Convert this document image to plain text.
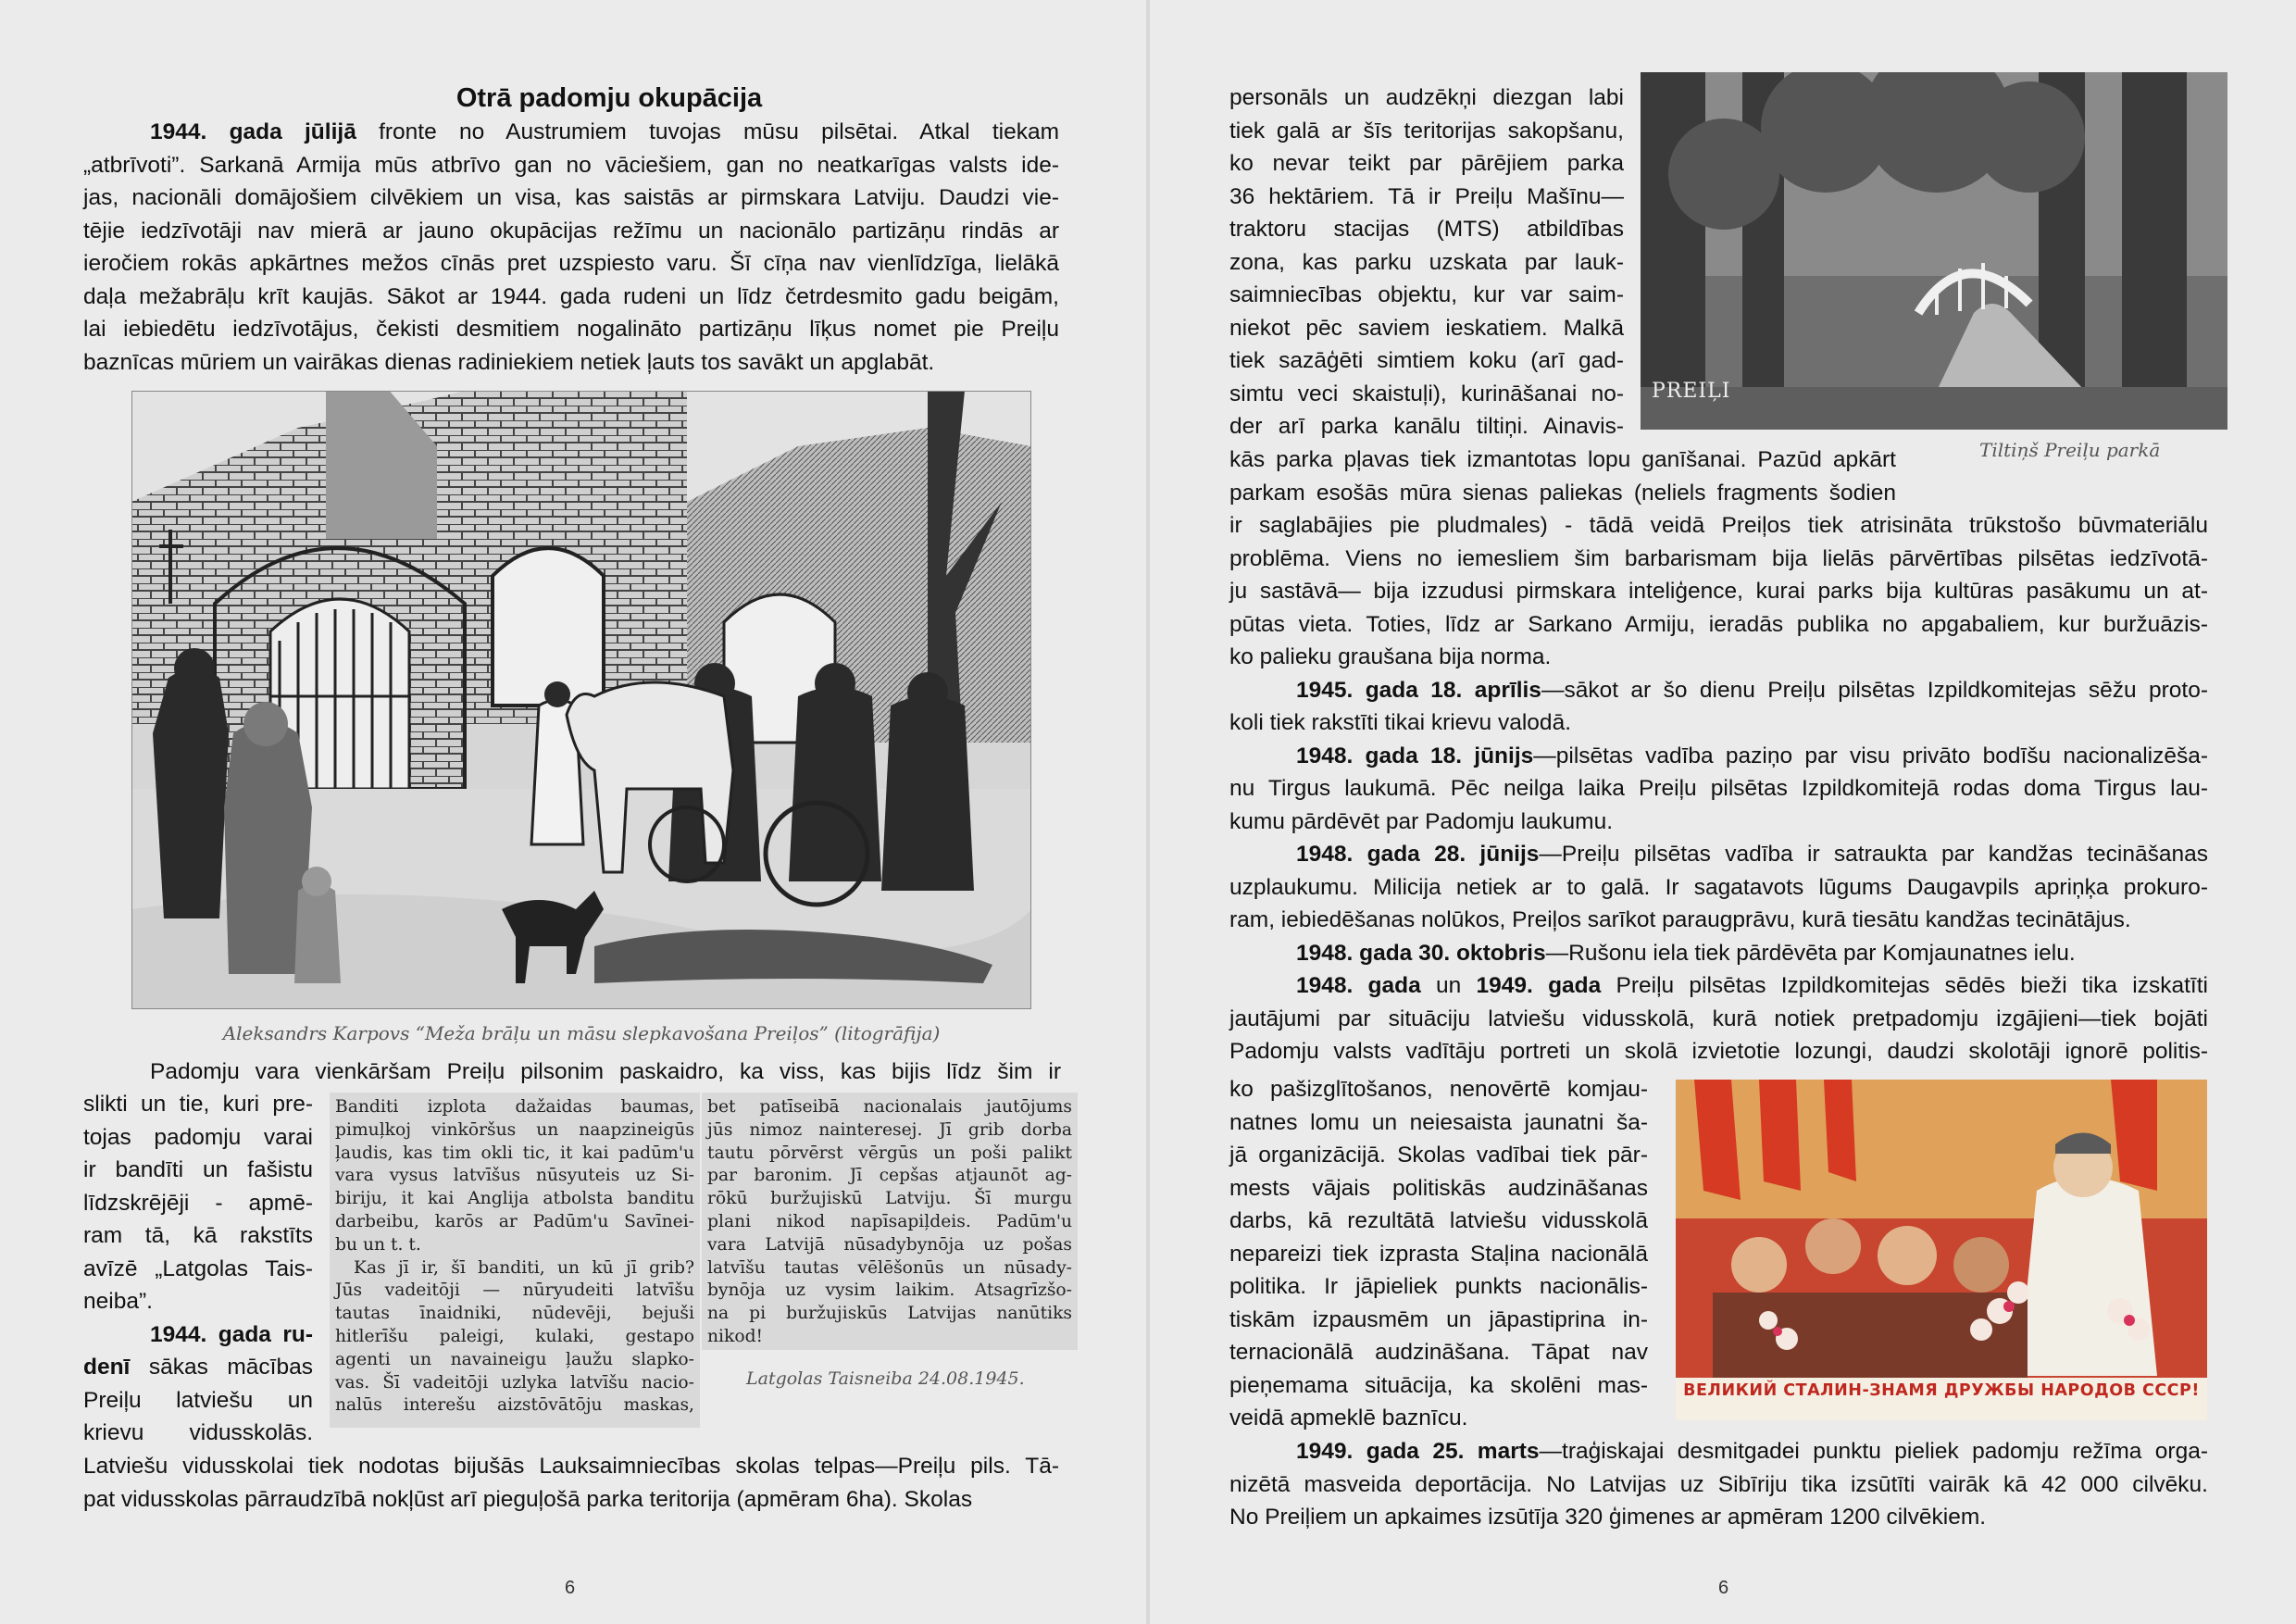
Otrā padomju okupācija

1944. gada jūlijā fronte no Austrumiem tuvojas mūsu pilsētai. Atkal tiekam

„atbrīvoti”. Sarkanā Armija mūs atbrīvo gan no vāciešiem, gan no neatkarīgas valsts ide-

jas, nacionāli domājošiem cilvēkiem un visa, kas saistās ar pirmskara Latviju. Daudzi vie-

tējie iedzīvotāji nav mierā ar jauno okupācijas režīmu un nacionālo partizāņu rindās ar

ieročiem rokās apkārtnes mežos cīnās pret uzspiesto varu. Šī cīņa nav vienlīdzīga, lielākā

daļa mežabrāļu krīt kaujās. Sākot ar 1944. gada rudeni un līdz četrdesmito gadu beigām,

lai iebiedētu iedzīvotājus, čekisti desmitiem nogalināto partizāņu līķus nomet pie Preiļu

baznīcas mūriem un vairākas dienas radiniekiem netiek ļauts tos savākt un apglabāt.

Aleksandrs Karpovs “Meža brāļu un māsu slepkavošana Preiļos” (litogrāfija)

Padomju vara vienkāršam Preiļu pilsonim paskaidro, ka viss, kas bijis līdz šim ir

slikti un tie, kuri pre-

tojas padomju varai

ir bandīti un fašistu

līdzskrējēji - apmē-

ram tā, kā rakstīts

avīzē „Latgolas Tais-

neiba”.

1944. gada ru-

denī sākas mācības

Preiļu latviešu un

krievu vidusskolās.

Banditi izplota dažaidas baumas,

pimuļkoj vinkōršus un naapzinei̇gūs

ļaudis, kas tim okli tic, it kai padūm'u

vara vysus latvīšus nūsyuteis uz Si-

biriju, it kai Anglija atbolsta banditu

darbeibu, karōs ar Padūm'u Savīnei-

bu un t. t.

Kas jī ir, šī banditi, un kū jī grib?

Jūs vadeitōji — nūryudeiti latvīšu

tautas īnaidniki, nūdevēji, bejuši

hitlerīšu paleigi, kulaki, gestapo

agenti un navaineigu ļaužu slapko-

vas. Šī vadeitōji uzlyka latvīšu nacio-

nalūs interešu aizstōvātōju maskas,

bet patīseibā nacionalais jautōjums

jūs nimoz nainteresej. Jī grib dorba

tautu pōrvērst vērgūs un poši palikt

par baronim. Jī cepšas atjaunōt ag-

rōkū buržujiskū Latviju. Šī murgu

plani nikod napīsapiļdeis. Padūm'u

vara Latvijā nūsadybynōja uz pošas

latvīšu tautas vēlēšonūs un nūsady-

bynōja uz vysim laikim. Atsagrīzšo-

na pi buržujiskūs Latvijas nanūtiks

nikod!

Latgolas Taisneiba 24.08.1945.

Latviešu vidusskolai tiek nodotas bijušās Lauksaimniecības skolas telpas—Preiļu pils. Tā-

pat vidusskolas pārraudzībā nokļūst arī pieguļošā parka teritorija (apmēram 6ha). Skolas

6

personāls un audzēkņi diezgan labi

tiek galā ar šīs teritorijas sakopšanu,

ko nevar teikt par pārējiem parka

36 hektāriem. Tā ir Preiļu Mašīnu—

traktoru stacijas (MTS) atbildības

zona, kas parku uzskata par lauk-

saimniecības objektu, kur var saim-

niekot pēc saviem ieskatiem. Malkā

tiek sazāģēti simtiem koku (arī gad-

simtu veci skaistuļi), kurināšanai no-

der arī parka kanālu tiltiņi. Ainavis-

PREIĻI
Tiltiņš Preiļu parkā

kās parka pļavas tiek izmantotas lopu ganīšanai. Pazūd apkārt

parkam esošās mūra sienas paliekas (neliels fragments šodien

ir saglabājies pie pludmales) - tādā veidā Preiļos tiek atrisināta trūkstošo būvmateriālu

problēma. Viens no iemesliem šim barbarismam bija lielās pārvērtības pilsētas iedzīvotā-

ju sastāvā— bija izzudusi pirmskara inteliģence, kurai parks bija kultūras pasākumu un at-

pūtas vieta. Toties, līdz ar Sarkano Armiju, ieradās publika no apgabaliem, kur buržuāzis-

ko palieku graušana bija norma.

1945. gada 18. aprīlis—sākot ar šo dienu Preiļu pilsētas Izpildkomitejas sēžu proto-

koli tiek rakstīti tikai krievu valodā.

1948. gada 18. jūnijs—pilsētas vadība paziņo par visu privāto bodīšu nacionalizēša-

nu Tirgus laukumā. Pēc neilga laika Preiļu pilsētas Izpildkomitejā rodas doma Tirgus lau-

kumu pārdēvēt par Padomju laukumu.

1948. gada 28. jūnijs—Preiļu pilsētas vadība ir satraukta par kandžas tecināšanas

uzplaukumu. Milicija netiek ar to galā. Ir sagatavots lūgums Daugavpils apriņķa prokuro-

ram, iebiedēšanas nolūkos, Preiļos sarīkot paraugprāvu, kurā tiesātu kandžas tecinātājus.

1948. gada 30. oktobris—Rušonu iela tiek pārdēvēta par Komjaunatnes ielu.

1948. gada un 1949. gada Preiļu pilsētas Izpildkomitejas sēdēs bieži tika izskatīti

jautājumi par situāciju latviešu vidusskolā, kurā notiek pretpadomju izgājieni—tiek bojāti

Padomju valsts vadītāju portreti un skolā izvietotie lozungi, daudzi skolotāji ignorē politis-

ko pašizglītošanos, nenovērtē komjau-

natnes lomu un neiesaista jaunatni ša-

jā organizācijā. Skolas vadībai tiek pār-

mests vājais politiskās audzināšanas

darbs, kā rezultātā latviešu vidusskolā

nepareizi tiek izprasta Staļina nacionālā

politika. Ir jāpieliek punkts nacionālis-

tiskām izpausmēm un jāpastiprina in-

ternacionālā audzināšana. Tāpat nav

pieņemama situācija, ka skolēni mas-

veidā apmeklē baznīcu.

ВЕЛИКИЙ СТАЛИН-ЗНАМЯ ДРУЖБЫ НАРОДОВ СССР!

1949. gada 25. marts—traģiskajai desmitgadei punktu pieliek padomju režīma orga-

nizētā masveida deportācija. No Latvijas uz Sibīriju tika izsūtīti vairāk kā 42 000 cilvēku.

No Preiļiem un apkaimes izsūtīja 320 ģimenes ar apmēram 1200 cilvēkiem.

6
